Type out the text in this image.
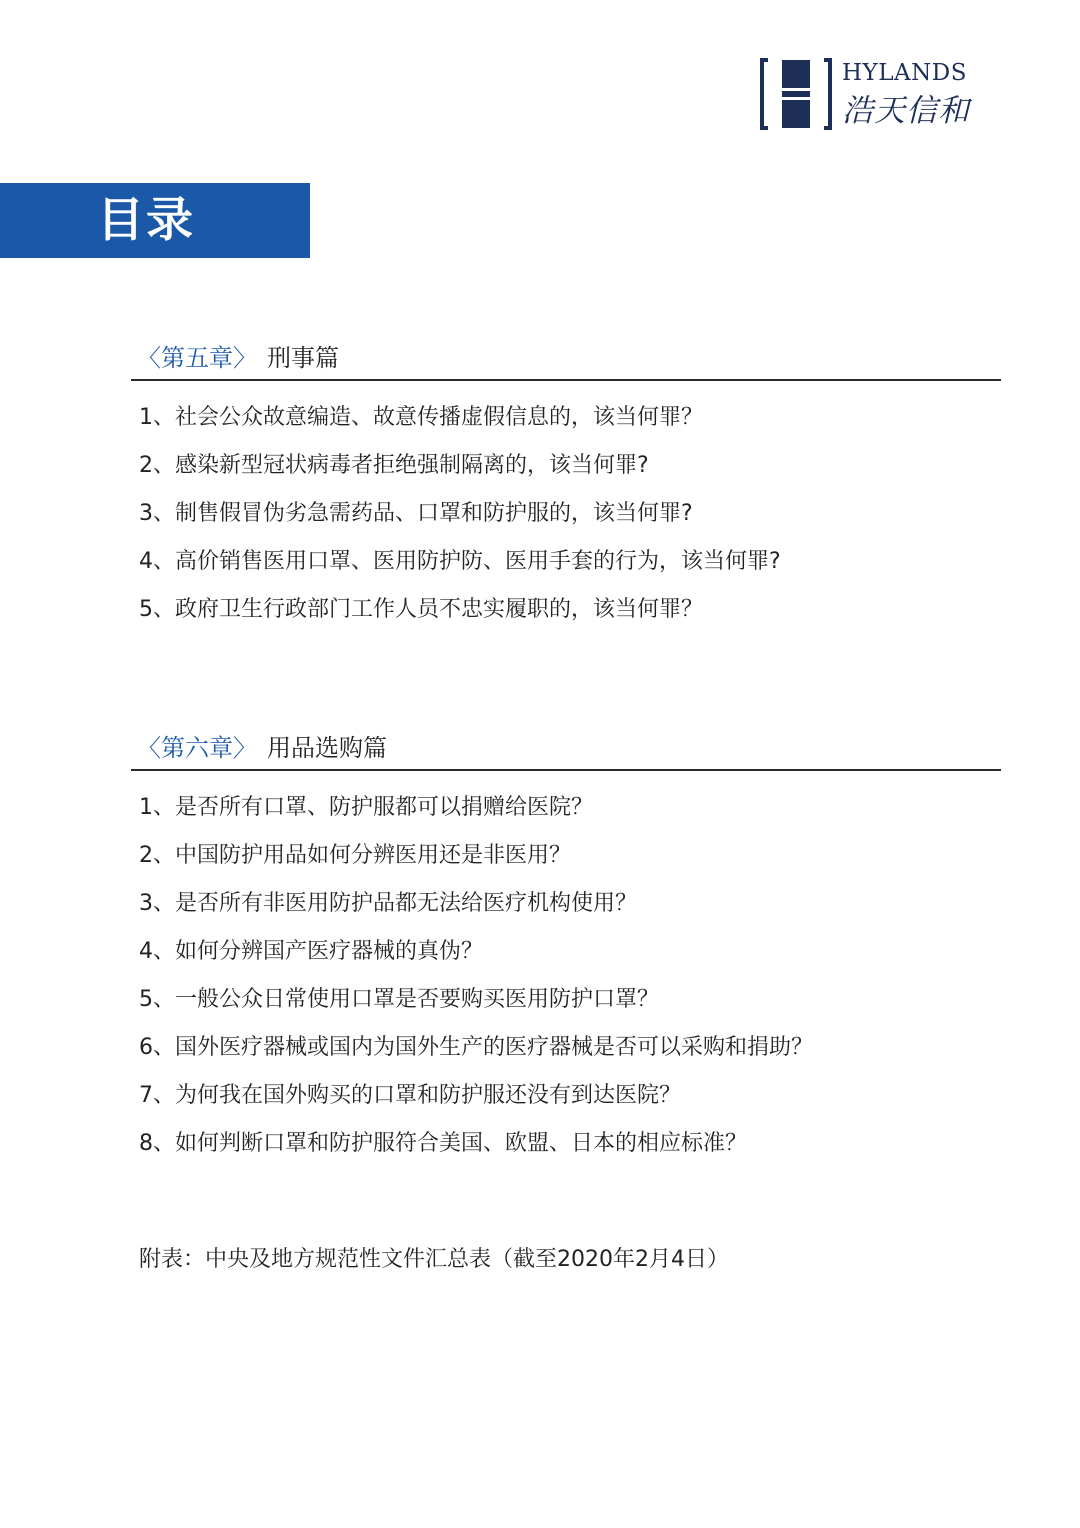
HYLANDS
浩天信和
目录
〈第五章〉 刑事篇
1、社会公众故意编造、故意传播虚假信息的，该当何罪？
2、感染新型冠状病毒者拒绝强制隔离的，该当何罪?
3、制售假冒伪劣急需药品、口罩和防护服的，该当何罪?
4、高价销售医用口罩、医用防护防、医用手套的行为，该当何罪?
5、政府卫生行政部门工作人员不忠实履职的，该当何罪？
〈第六章〉 用品选购篇
1、是否所有口罩、防护服都可以捐赠给医院？
2、中国防护用品如何分辨医用还是非医用？
3、是否所有非医用防护品都无法给医疗机构使用？
4、如何分辨国产医疗器械的真伪？
5、一般公众日常使用口罩是否要购买医用防护口罩？
6、国外医疗器械或国内为国外生产的医疗器械是否可以采购和捐助？
7、为何我在国外购买的口罩和防护服还没有到达医院？
8、如何判断口罩和防护服符合美国、欧盟、日本的相应标准？
附表：中央及地方规范性文件汇总表（截至2020年2月4日）
